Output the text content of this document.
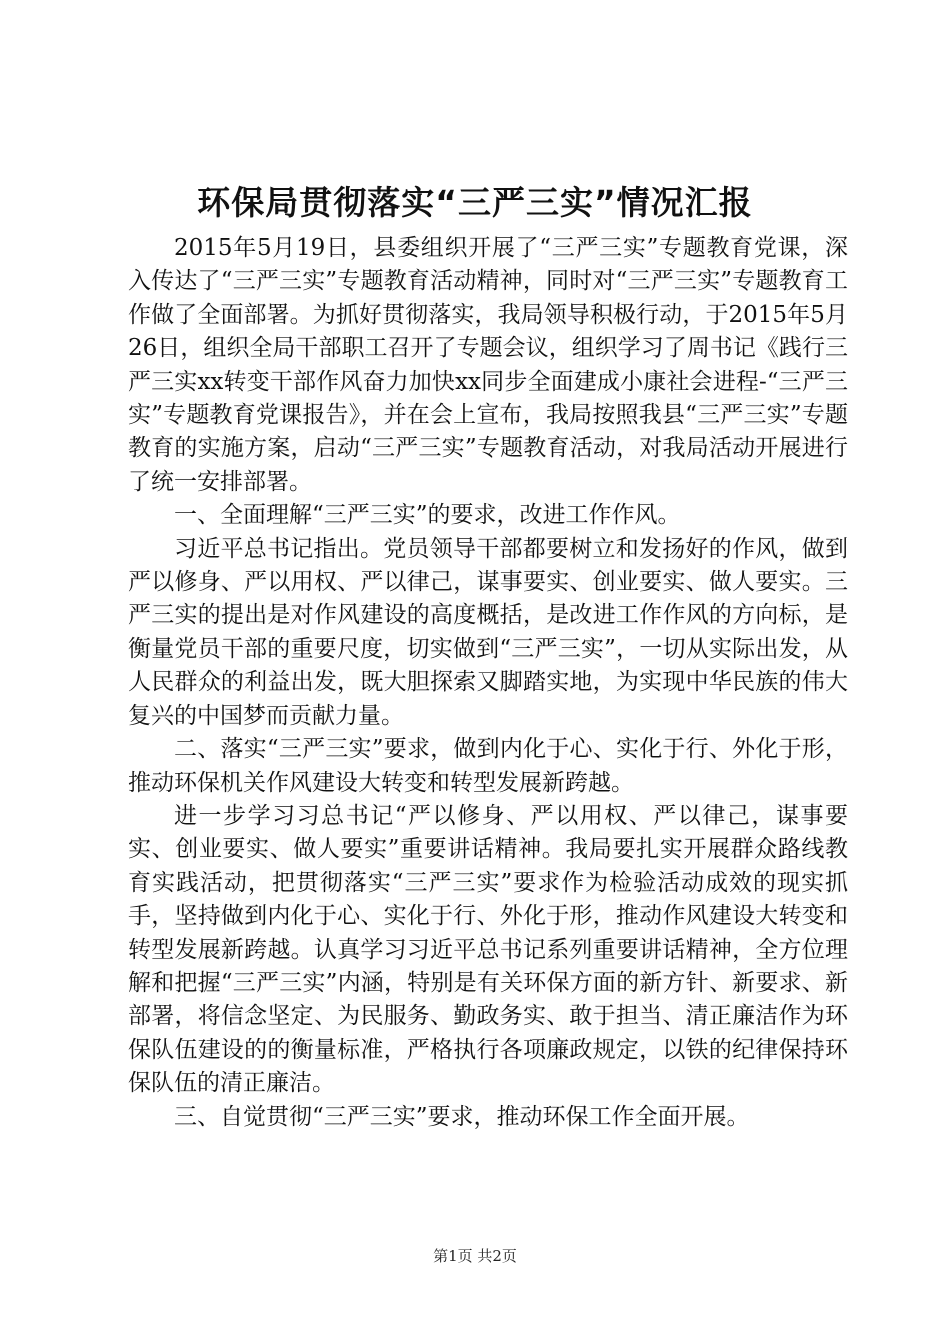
环保局贯彻落实“三严三实”情况汇报

2015年5月19日，县委组织开展了“三严三实”专题教育党课，深入传达了“三严三实”专题教育活动精神，同时对“三严三实”专题教育工作做了全面部署。为抓好贯彻落实，我局领导积极行动，于2015年5月26日，组织全局干部职工召开了专题会议，组织学习了周书记《践行三严三实xx转变干部作风奋力加快xx同步全面建成小康社会进程-“三严三实”专题教育党课报告》，并在会上宣布，我局按照我县“三严三实”专题教育的实施方案，启动“三严三实”专题教育活动，对我局活动开展进行了统一安排部署。

一、全面理解“三严三实”的要求，改进工作作风。

习近平总书记指出。党员领导干部都要树立和发扬好的作风，做到严以修身、严以用权、严以律己，谋事要实、创业要实、做人要实。三严三实的提出是对作风建设的高度概括，是改进工作作风的方向标，是衡量党员干部的重要尺度，切实做到“三严三实”，一切从实际出发，从人民群众的利益出发，既大胆探索又脚踏实地，为实现中华民族的伟大复兴的中国梦而贡献力量。

二、落实“三严三实”要求，做到内化于心、实化于行、外化于形，推动环保机关作风建设大转变和转型发展新跨越。

进一步学习习总书记“严以修身、严以用权、严以律己，谋事要实、创业要实、做人要实”重要讲话精神。我局要扎实开展群众路线教育实践活动，把贯彻落实“三严三实”要求作为检验活动成效的现实抓手，坚持做到内化于心、实化于行、外化于形，推动作风建设大转变和转型发展新跨越。认真学习习近平总书记系列重要讲话精神，全方位理解和把握“三严三实”内涵，特别是有关环保方面的新方针、新要求、新部署，将信念坚定、为民服务、勤政务实、敢于担当、清正廉洁作为环保队伍建设的的衡量标准，严格执行各项廉政规定，以铁的纪律保持环保队伍的清正廉洁。

三、自觉贯彻“三严三实”要求，推动环保工作全面开展。

第1页 共2页
